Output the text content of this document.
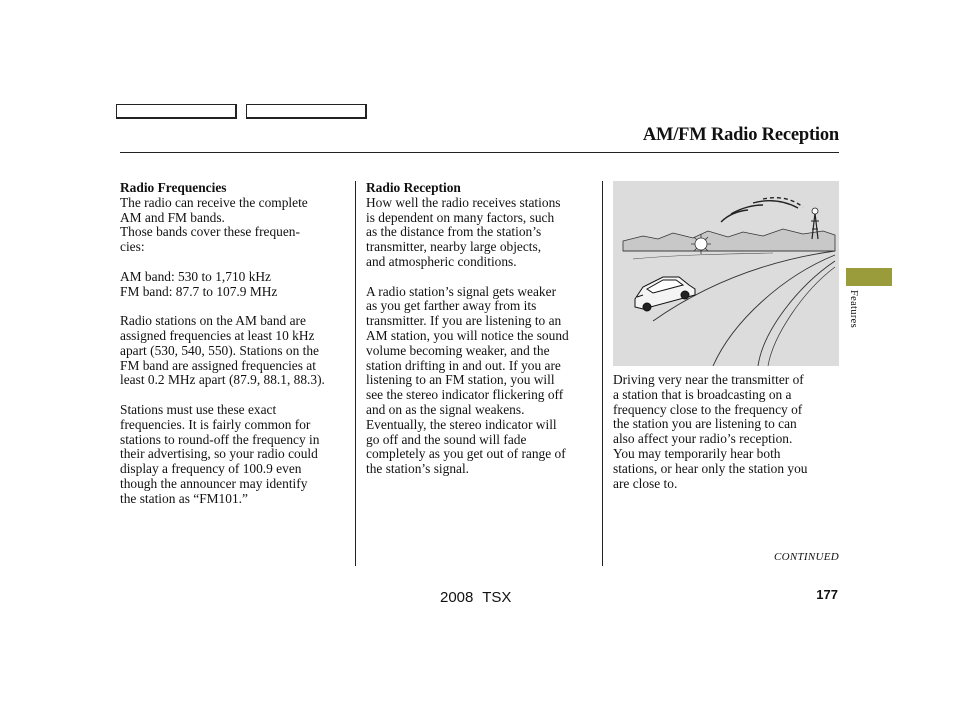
AM/FM Radio Reception
Radio Frequencies

The radio can receive the complete
AM and FM bands.
Those bands cover these frequen-
cies:

AM band: 530 to 1,710 kHz
FM band: 87.7 to 107.9 MHz

Radio stations on the AM band are
assigned frequencies at least 10 kHz
apart (530, 540, 550). Stations on the
FM band are assigned frequencies at
least 0.2 MHz apart (87.9, 88.1, 88.3).

Stations must use these exact
frequencies. It is fairly common for
stations to round-off the frequency in
their advertising, so your radio could
display a frequency of 100.9 even
though the announcer may identify
the station as “FM101.”

Radio Reception

How well the radio receives stations
is dependent on many factors, such
as the distance from the station’s
transmitter, nearby large objects,
and atmospheric conditions.

A radio station’s signal gets weaker
as you get farther away from its
transmitter. If you are listening to an
AM station, you will notice the sound
volume becoming weaker, and the
station drifting in and out. If you are
listening to an FM station, you will
see the stereo indicator flickering off
and on as the signal weakens.
Eventually, the stereo indicator will
go off and the sound will fade
completely as you get out of range of
the station’s signal.

Driving very near the transmitter of
a station that is broadcasting on a
frequency close to the frequency of
the station you are listening to can
also affect your radio’s reception.
You may temporarily hear both
stations, or hear only the station you
are close to.

Features
CONTINUED
177
2008 TSX
